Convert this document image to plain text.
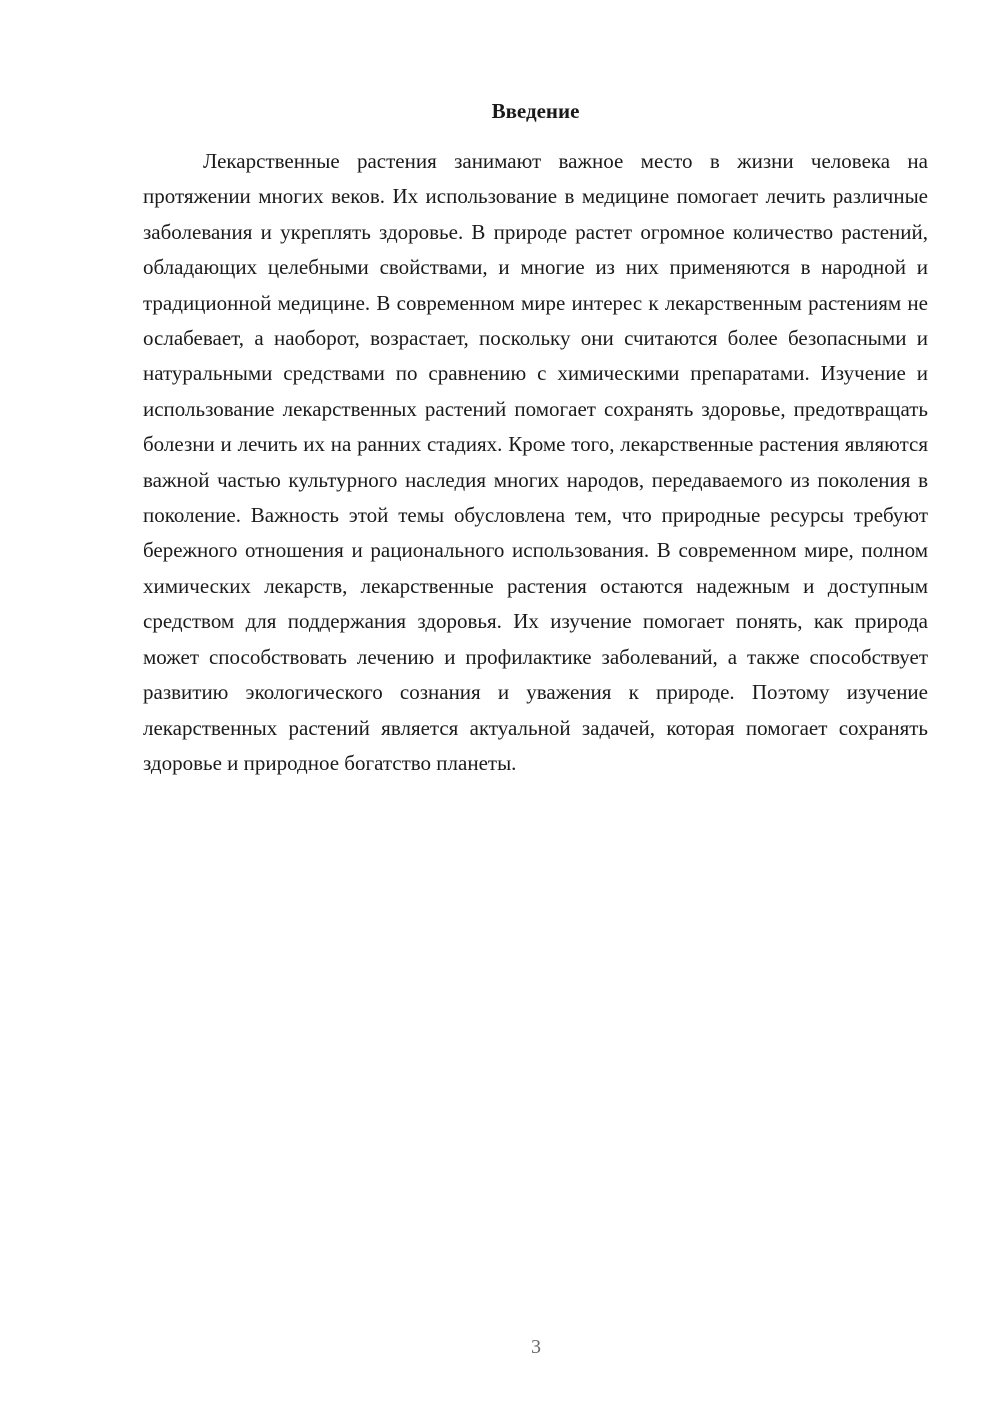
Введение

Лекарственные растения занимают важное место в жизни человека на протяжении многих веков. Их использование в медицине помогает лечить различные заболевания и укреплять здоровье. В природе растет огромное количество растений, обладающих целебными свойствами, и многие из них применяются в народной и традиционной медицине. В современном мире интерес к лекарственным растениям не ослабевает, а наоборот, возрастает, поскольку они считаются более безопасными и натуральными средствами по сравнению с химическими препаратами. Изучение и использование лекарственных растений помогает сохранять здоровье, предотвращать болезни и лечить их на ранних стадиях. Кроме того, лекарственные растения являются важной частью культурного наследия многих народов, передаваемого из поколения в поколение. Важность этой темы обусловлена тем, что природные ресурсы требуют бережного отношения и рационального использования. В современном мире, полном химических лекарств, лекарственные растения остаются надежным и доступным средством для поддержания здоровья. Их изучение помогает понять, как природа может способствовать лечению и профилактике заболеваний, а также способствует развитию экологического сознания и уважения к природе. Поэтому изучение лекарственных растений является актуальной задачей, которая помогает сохранять здоровье и природное богатство планеты.

3
